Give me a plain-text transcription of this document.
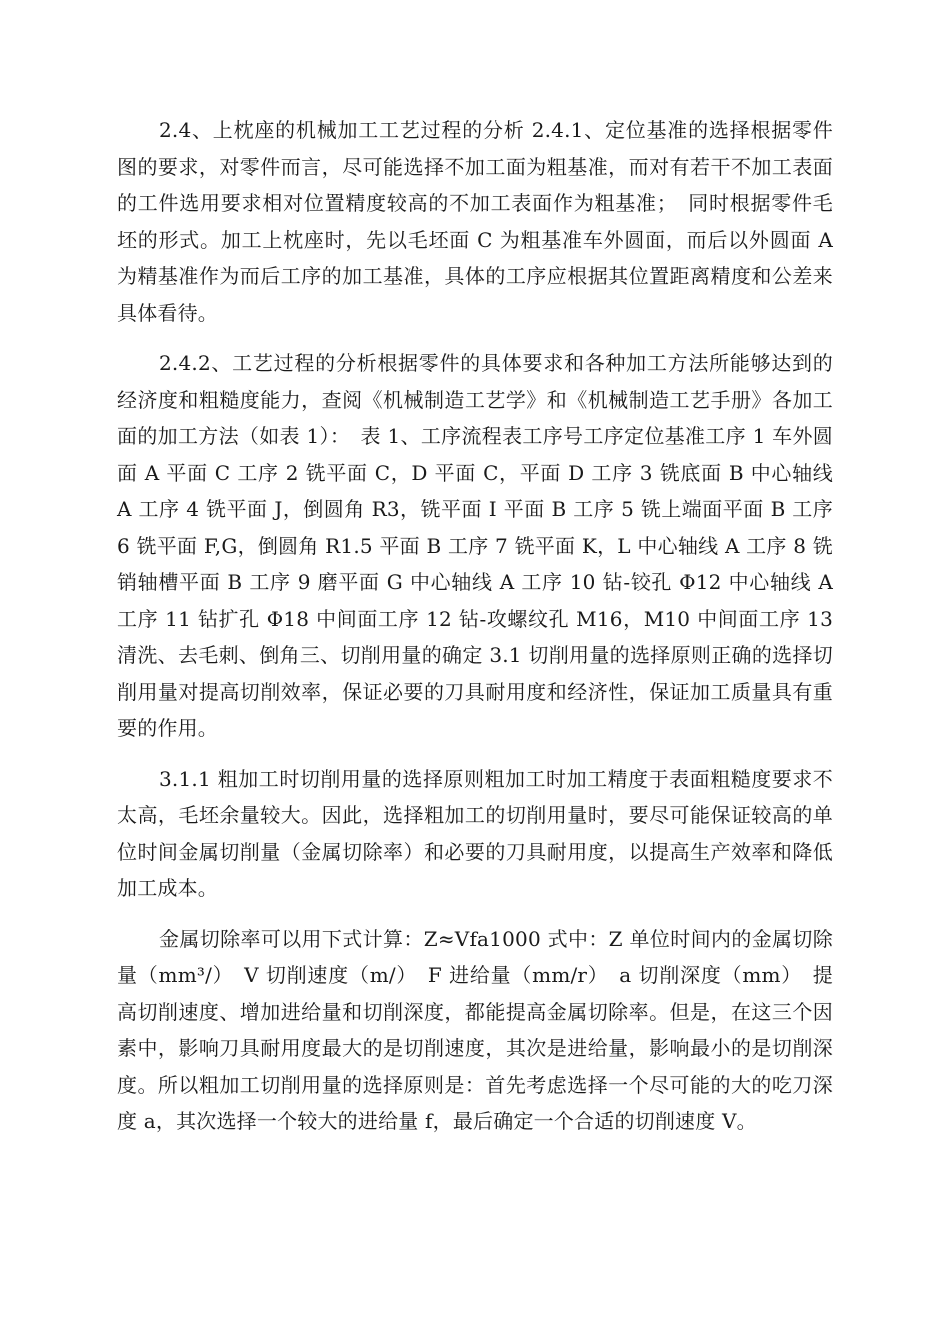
2.4、上枕座的机械加工工艺过程的分析 2.4.1、定位基准的选择根据零件图的要求，对零件而言，尽可能选择不加工面为粗基准，而对有若干不加工表面的工件选用要求相对位置精度较高的不加工表面作为粗基准；　同时根据零件毛坯的形式。加工上枕座时，先以毛坯面 C 为粗基准车外圆面，而后以外圆面 A 为精基准作为而后工序的加工基准，具体的工序应根据其位置距离精度和公差来具体看待。

2.4.2、工艺过程的分析根据零件的具体要求和各种加工方法所能够达到的经济度和粗糙度能力，查阅《机械制造工艺学》和《机械制造工艺手册》各加工面的加工方法（如表 1）：　表 1、工序流程表工序号工序定位基准工序 1 车外圆面 A 平面 C 工序 2 铣平面 C，D 平面 C，平面 D 工序 3 铣底面 B 中心轴线 A 工序 4 铣平面 J，倒圆角 R3，铣平面 I 平面 B 工序 5 铣上端面平面 B 工序 6 铣平面 F,G，倒圆角 R1.5 平面 B 工序 7 铣平面 K，L 中心轴线 A 工序 8 铣销轴槽平面 B 工序 9 磨平面 G 中心轴线 A 工序 10 钻-铰孔 Φ12 中心轴线 A 工序 11 钻扩孔 Φ18 中间面工序 12 钻-攻螺纹孔 M16，M10 中间面工序 13 清洗、去毛刺、倒角三、切削用量的确定 3.1 切削用量的选择原则正确的选择切削用量对提高切削效率，保证必要的刀具耐用度和经济性，保证加工质量具有重要的作用。

3.1.1 粗加工时切削用量的选择原则粗加工时加工精度于表面粗糙度要求不太高，毛坯余量较大。因此，选择粗加工的切削用量时，要尽可能保证较高的单位时间金属切削量（金属切除率）和必要的刀具耐用度，以提高生产效率和降低加工成本。

金属切除率可以用下式计算：Z≈Vfa1000 式中：Z 单位时间内的金属切除量（mm³/）　V 切削速度（m/）　F 进给量（mm/r）　a 切削深度（mm）　提高切削速度、增加进给量和切削深度，都能提高金属切除率。但是，在这三个因素中，影响刀具耐用度最大的是切削速度，其次是进给量，影响最小的是切削深度。所以粗加工切削用量的选择原则是：首先考虑选择一个尽可能的大的吃刀深度 a，其次选择一个较大的进给量 f，最后确定一个合适的切削速度 V。
